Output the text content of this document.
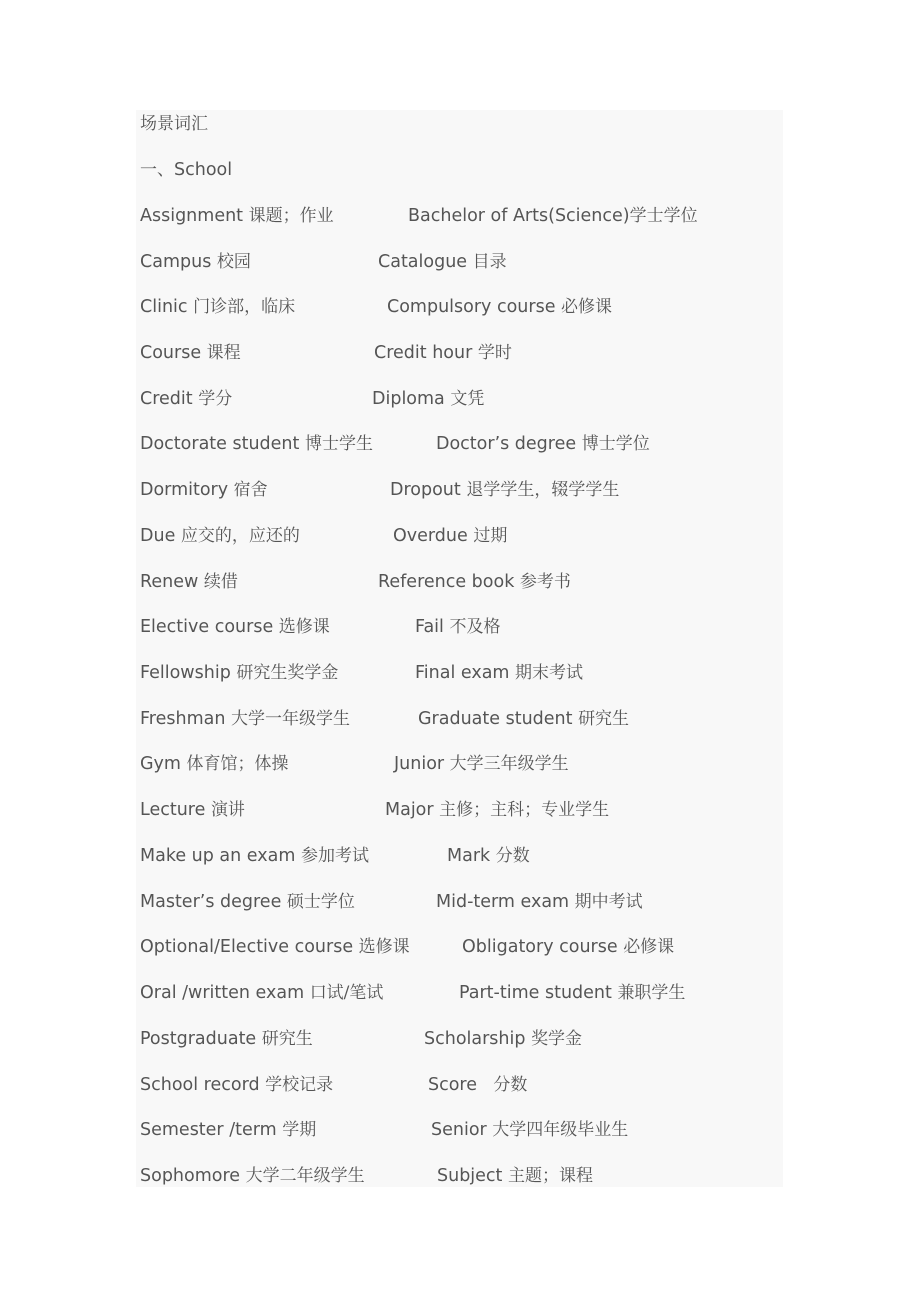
场景词汇
一、School
Assignment 课题；作业	Bachelor of Arts(Science)学士学位
Campus 校园	Catalogue 目录
Clinic 门诊部，临床	Compulsory course 必修课
Course 课程	Credit hour 学时
Credit 学分	Diploma 文凭
Doctorate student 博士学生	Doctor’s degree 博士学位
Dormitory 宿舍	Dropout 退学学生，辍学学生
Due 应交的，应还的	Overdue 过期
Renew 续借	Reference book 参考书
Elective course 选修课	Fail 不及格
Fellowship 研究生奖学金	Final exam 期末考试
Freshman 大学一年级学生	Graduate student 研究生
Gym 体育馆；体操	Junior 大学三年级学生
Lecture 演讲	Major 主修；主科；专业学生
Make up an exam 参加考试	Mark 分数
Master’s degree 硕士学位	Mid-term exam 期中考试
Optional/Elective course 选修课	Obligatory course 必修课
Oral /written exam 口试/笔试	Part-time student 兼职学生
Postgraduate 研究生	Scholarship 奖学金
School record 学校记录	Score   分数
Semester /term 学期	Senior 大学四年级毕业生
Sophomore 大学二年级学生	Subject 主题；课程
